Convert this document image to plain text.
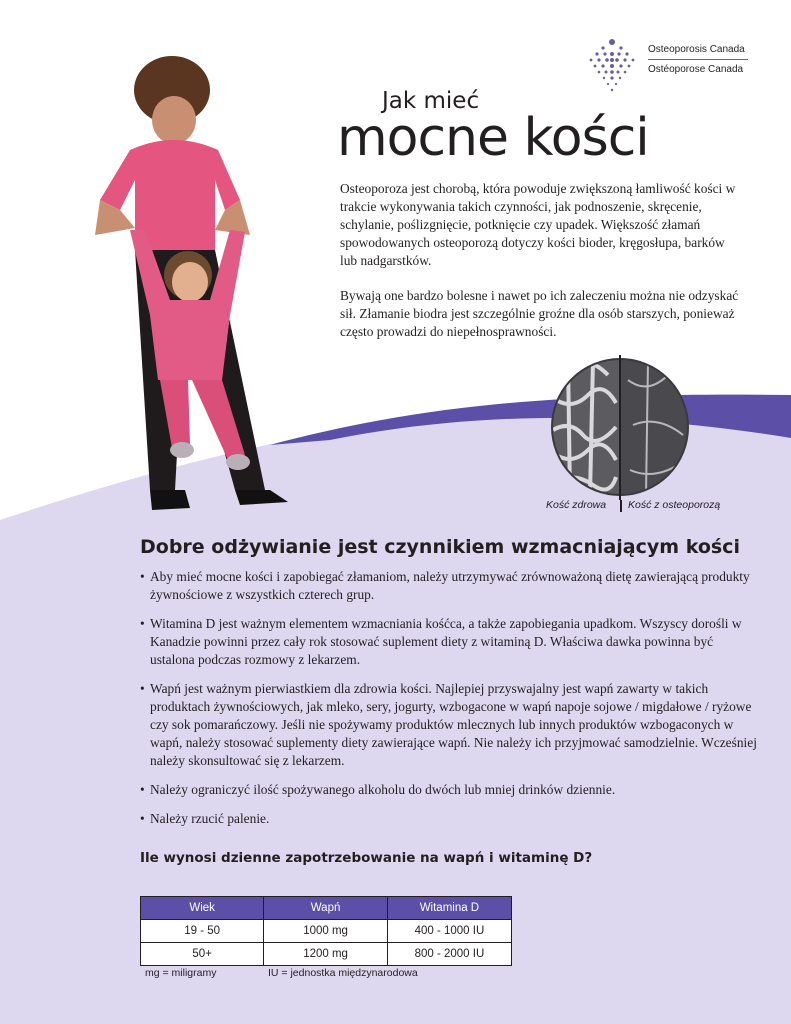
Osteoporosis Canada
Ostéoporose Canada
Jak mieć
mocne kości

Osteoporoza jest chorobą, która powoduje zwiększoną łamliwość kości w trakcie wykonywania takich czynności, jak podnoszenie, skręcenie, schylanie, poślizgnięcie, potknięcie czy upadek. Większość złamań spowodowanych osteoporozą dotyczy kości bioder, kręgosłupa, barków lub nadgarstków.

Bywają one bardzo bolesne i nawet po ich zaleczeniu można nie odzyskać sił. Złamanie biodra jest szczególnie groźne dla osób starszych, ponieważ często prowadzi do niepełnosprawności.

Kość zdrowa Kość z osteoporozą
Dobre odżywianie jest czynnikiem wzmacniającym kości
• Aby mieć mocne kości i zapobiegać złamaniom, należy utrzymywać zrównoważoną dietę zawierającą produkty żywnościowe z wszystkich czterech grup.
• Witamina D jest ważnym elementem wzmacniania kośćca, a także zapobiegania upadkom. Wszyscy dorośli w Kanadzie powinni przez cały rok stosować suplement diety z witaminą D. Właściwa dawka powinna być ustalona podczas rozmowy z lekarzem.
• Wapń jest ważnym pierwiastkiem dla zdrowia kości. Najlepiej przyswajalny jest wapń zawarty w takich produktach żywnościowych, jak mleko, sery, jogurty, wzbogacone w wapń napoje sojowe / migdałowe / ryżowe czy sok pomarańczowy. Jeśli nie spożywamy produktów mlecznych lub innych produktów wzbogaconych w wapń, należy stosować suplementy diety zawierające wapń. Nie należy ich przyjmować samodzielnie. Wcześniej należy skonsultować się z lekarzem.
• Należy ograniczyć ilość spożywanego alkoholu do dwóch lub mniej drinków dziennie.
• Należy rzucić palenie.
Ile wynosi dzienne zapotrzebowanie na wapń i witaminę D?
Wiek	Wapń	Witamina D
19 - 50	1000 mg	400 - 1000 IU
50+	1200 mg	800 - 2000 IU
mg = miligramy	IU = jednostka międzynarodowa
